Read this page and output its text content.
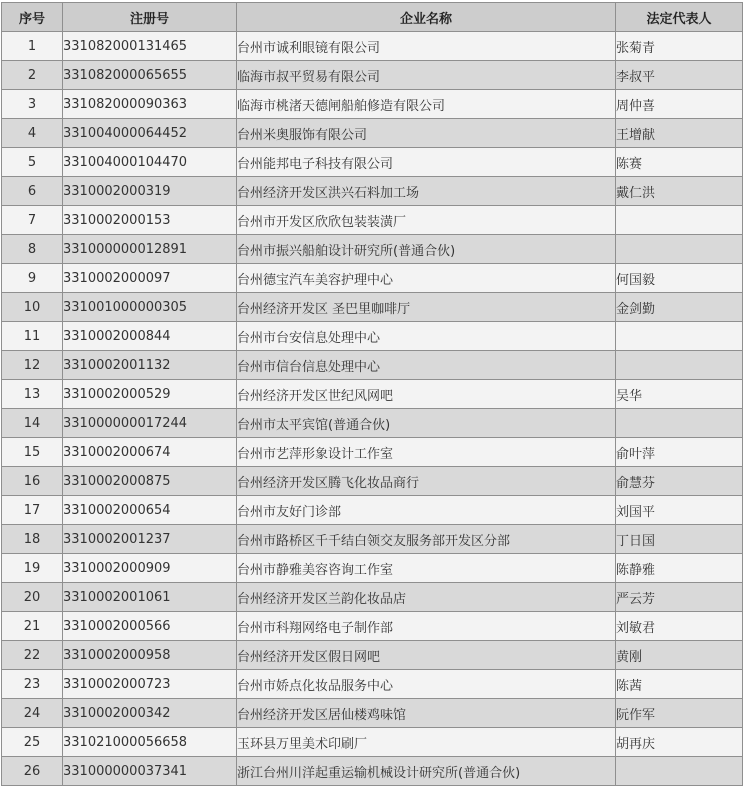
序号	注册号	企业名称	法定代表人
1	331082000131465	台州市诚利眼镜有限公司	张菊青
2	331082000065655	临海市叔平贸易有限公司	李叔平
3	331082000090363	临海市桃渚天德闸船舶修造有限公司	周仲喜
4	331004000064452	台州米奥服饰有限公司	王增献
5	331004000104470	台州能邦电子科技有限公司	陈赛
6	3310002000319	台州经济开发区洪兴石料加工场	戴仁洪
7	3310002000153	台州市开发区欣欣包装装潢厂	
8	331000000012891	台州市振兴船舶设计研究所(普通合伙)	
9	3310002000097	台州德宝汽车美容护理中心	何国毅
10	331001000000305	台州经济开发区 圣巴里咖啡厅	金剑勤
11	3310002000844	台州市台安信息处理中心	
12	3310002001132	台州市信台信息处理中心	
13	3310002000529	台州经济开发区世纪风网吧	吴华
14	331000000017244	台州市太平宾馆(普通合伙)	
15	3310002000674	台州市艺萍形象设计工作室	俞叶萍
16	3310002000875	台州经济开发区腾飞化妆品商行	俞慧芬
17	3310002000654	台州市友好门诊部	刘国平
18	3310002001237	台州市路桥区千千结白领交友服务部开发区分部	丁日国
19	3310002000909	台州市静雅美容咨询工作室	陈静雅
20	3310002001061	台州经济开发区兰韵化妆品店	严云芳
21	3310002000566	台州市科翔网络电子制作部	刘敏君
22	3310002000958	台州经济开发区假日网吧	黄刚
23	3310002000723	台州市娇点化妆品服务中心	陈茜
24	3310002000342	台州经济开发区居仙楼鸡味馆	阮作军
25	331021000056658	玉环县万里美术印刷厂	胡再庆
26	331000000037341	浙江台州川洋起重运输机械设计研究所(普通合伙)	
